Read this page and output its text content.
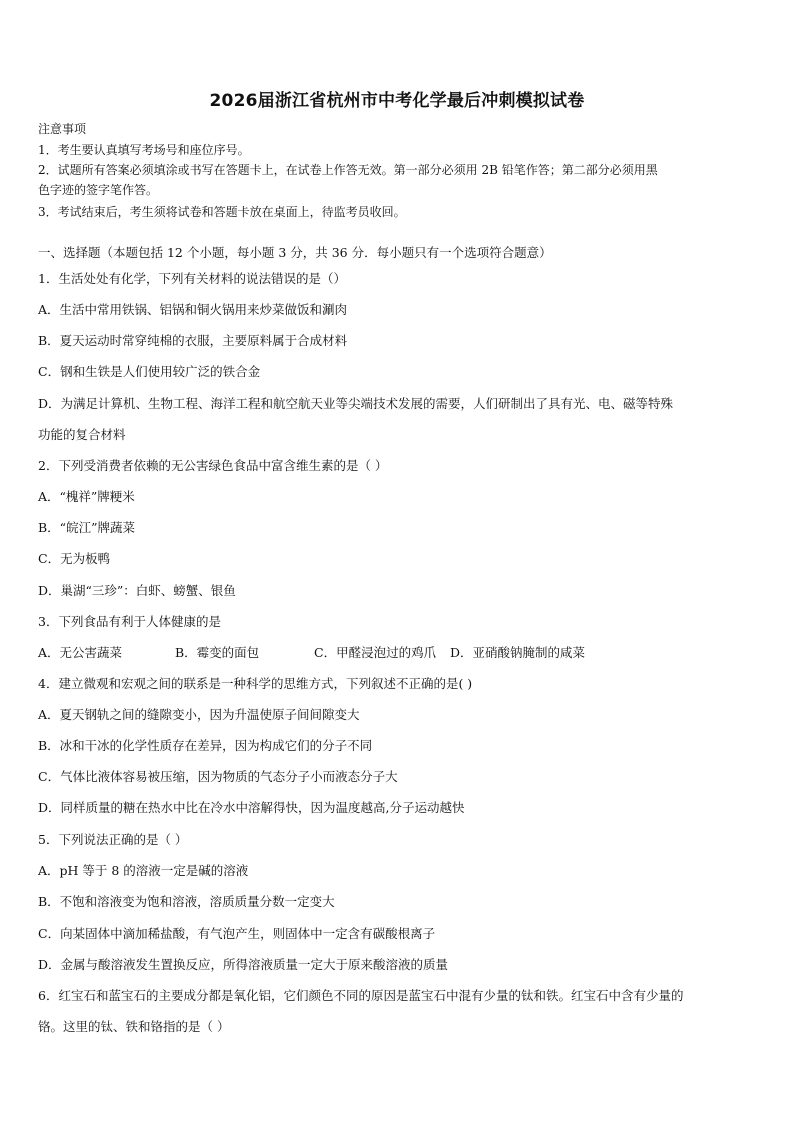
2026届浙江省杭州市中考化学最后冲刺模拟试卷
注意事项
1．考生要认真填写考场号和座位序号。
2．试题所有答案必须填涂或书写在答题卡上，在试卷上作答无效。第一部分必须用 2B 铅笔作答；第二部分必须用黑
色字迹的签字笔作答。
3．考试结束后，考生须将试卷和答题卡放在桌面上，待监考员收回。
一、选择题（本题包括 12 个小题，每小题 3 分，共 36 分．每小题只有一个选项符合题意）
1．生活处处有化学，下列有关材料的说法错误的是（）
A．生活中常用铁锅、铝锅和铜火锅用来炒菜做饭和涮肉
B．夏天运动时常穿纯棉的衣服，主要原料属于合成材料
C．钢和生铁是人们使用较广泛的铁合金
D．为满足计算机、生物工程、海洋工程和航空航天业等尖端技术发展的需要，人们研制出了具有光、电、磁等特殊
功能的复合材料
2．下列受消费者依赖的无公害绿色食品中富含维生素的是（ ）
A．“槐祥”牌粳米
B．“皖江”牌蔬菜
C．无为板鸭
D．巢湖“三珍”：白虾、螃蟹、银鱼
3．下列食品有利于人体健康的是
A．无公害蔬菜	B．霉变的面包	C．甲醛浸泡过的鸡爪 D．亚硝酸钠腌制的咸菜
4．建立微观和宏观之间的联系是一种科学的思维方式，下列叙述不正确的是( )
A．夏天钢轨之间的缝隙变小，因为升温使原子间间隙变大
B．冰和干冰的化学性质存在差异，因为构成它们的分子不同
C．气体比液体容易被压缩，因为物质的气态分子小而液态分子大
D．同样质量的糖在热水中比在冷水中溶解得快，因为温度越高,分子运动越快
5．下列说法正确的是（ ）
A．pH 等于 8 的溶液一定是碱的溶液
B．不饱和溶液变为饱和溶液，溶质质量分数一定变大
C．向某固体中滴加稀盐酸，有气泡产生，则固体中一定含有碳酸根离子
D．金属与酸溶液发生置换反应，所得溶液质量一定大于原来酸溶液的质量
6．红宝石和蓝宝石的主要成分都是氧化铝，它们颜色不同的原因是蓝宝石中混有少量的钛和铁。红宝石中含有少量的
铬。这里的钛、铁和铬指的是（ ）
